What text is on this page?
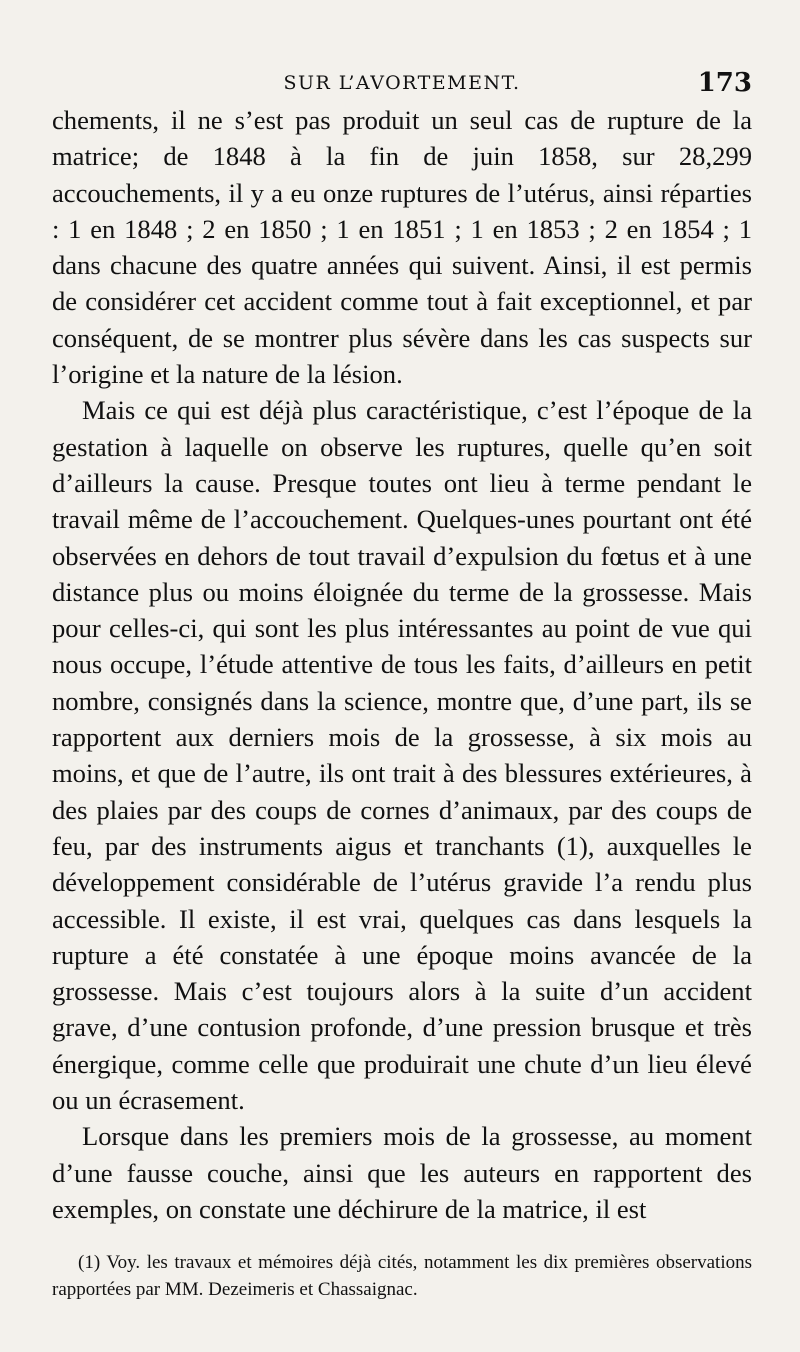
SUR L’AVORTEMENT.	173

chements, il ne s’est pas produit un seul cas de rupture de la matrice; de 1848 à la fin de juin 1858, sur 28,299 accouchements, il y a eu onze ruptures de l’utérus, ainsi réparties : 1 en 1848 ; 2 en 1850 ; 1 en 1851 ; 1 en 1853 ; 2 en 1854 ; 1 dans chacune des quatre années qui suivent. Ainsi, il est permis de considérer cet accident comme tout à fait exceptionnel, et par conséquent, de se montrer plus sévère dans les cas suspects sur l’origine et la nature de la lésion.

Mais ce qui est déjà plus caractéristique, c’est l’époque de la gestation à laquelle on observe les ruptures, quelle qu’en soit d’ailleurs la cause. Presque toutes ont lieu à terme pendant le travail même de l’accouchement. Quelques-unes pourtant ont été observées en dehors de tout travail d’expulsion du fœtus et à une distance plus ou moins éloignée du terme de la grossesse. Mais pour celles-ci, qui sont les plus intéressantes au point de vue qui nous occupe, l’étude attentive de tous les faits, d’ailleurs en petit nombre, consignés dans la science, montre que, d’une part, ils se rapportent aux derniers mois de la grossesse, à six mois au moins, et que de l’autre, ils ont trait à des blessures extérieures, à des plaies par des coups de cornes d’animaux, par des coups de feu, par des instruments aigus et tranchants (1), auxquelles le développement considérable de l’utérus gravide l’a rendu plus accessible. Il existe, il est vrai, quelques cas dans lesquels la rupture a été constatée à une époque moins avancée de la grossesse. Mais c’est toujours alors à la suite d’un accident grave, d’une contusion profonde, d’une pression brusque et très énergique, comme celle que produirait une chute d’un lieu élevé ou un écrasement.

Lorsque dans les premiers mois de la grossesse, au moment d’une fausse couche, ainsi que les auteurs en rapportent des exemples, on constate une déchirure de la matrice, il est

(1) Voy. les travaux et mémoires déjà cités, notamment les dix premières observations rapportées par MM. Dezeimeris et Chassaignac.
